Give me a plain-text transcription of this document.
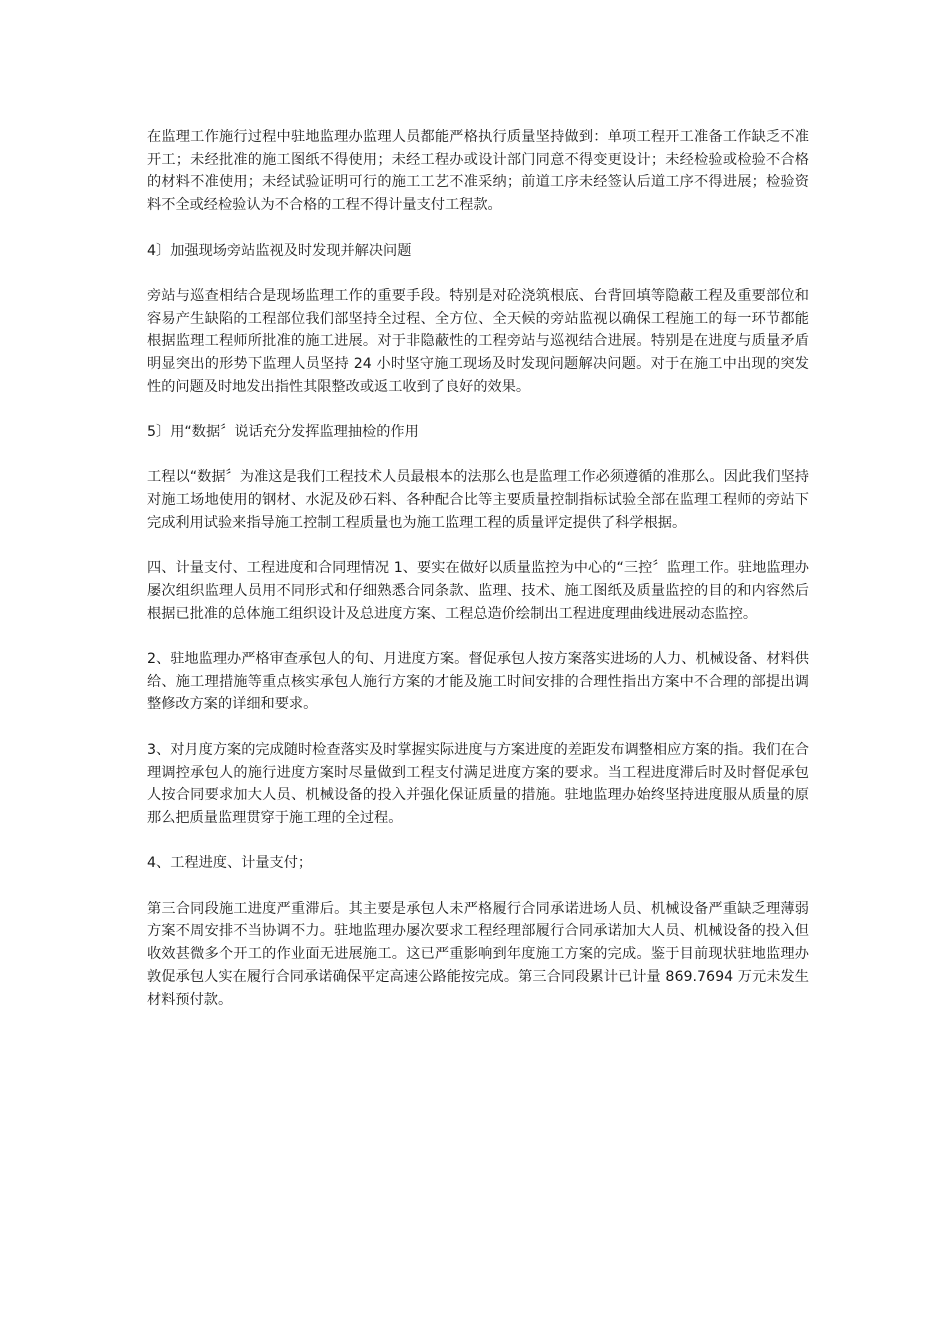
在监理工作施行过程中驻地监理办监理人员都能严格执行质量坚持做到：单项工程开工准备工作缺乏不准开工；未经批准的施工图纸不得使用；未经工程办或设计部门同意不得变更设计；未经检验或检验不合格的材料不准使用；未经试验证明可行的施工工艺不准采纳；前道工序未经签认后道工序不得进展；检验资料不全或经检验认为不合格的工程不得计量支付工程款。

4〕加强现场旁站监视及时发现并解决问题

旁站与巡查相结合是现场监理工作的重要手段。特别是对砼浇筑根底、台背回填等隐蔽工程及重要部位和容易产生缺陷的工程部位我们部坚持全过程、全方位、全天候的旁站监视以确保工程施工的每一环节都能根据监理工程师所批准的施工进展。对于非隐蔽性的工程旁站与巡视结合进展。特别是在进度与质量矛盾明显突出的形势下监理人员坚持 24 小时坚守施工现场及时发现问题解决问题。对于在施工中出现的突发性的问题及时地发出指性其限整改或返工收到了良好的效果。

5〕用“数据〞说话充分发挥监理抽检的作用

工程以“数据〞为准这是我们工程技术人员最根本的法那么也是监理工作必须遵循的准那么。因此我们坚持对施工场地使用的钢材、水泥及砂石料、各种配合比等主要质量控制指标试验全部在监理工程师的旁站下完成利用试验来指导施工控制工程质量也为施工监理工程的质量评定提供了科学根据。

四、计量支付、工程进度和合同理情况 1、要实在做好以质量监控为中心的“三控〞监理工作。驻地监理办屡次组织监理人员用不同形式和仔细熟悉合同条款、监理、技术、施工图纸及质量监控的目的和内容然后根据已批准的总体施工组织设计及总进度方案、工程总造价绘制出工程进度理曲线进展动态监控。

2、驻地监理办严格审查承包人的旬、月进度方案。督促承包人按方案落实进场的人力、机械设备、材料供给、施工理措施等重点核实承包人施行方案的才能及施工时间安排的合理性指出方案中不合理的部提出调整修改方案的详细和要求。

3、对月度方案的完成随时检查落实及时掌握实际进度与方案进度的差距发布调整相应方案的指。我们在合理调控承包人的施行进度方案时尽量做到工程支付满足进度方案的要求。当工程进度滞后时及时督促承包人按合同要求加大人员、机械设备的投入并强化保证质量的措施。驻地监理办始终坚持进度服从质量的原那么把质量监理贯穿于施工理的全过程。

4、工程进度、计量支付；

第三合同段施工进度严重滞后。其主要是承包人未严格履行合同承诺进场人员、机械设备严重缺乏理薄弱方案不周安排不当协调不力。驻地监理办屡次要求工程经理部履行合同承诺加大人员、机械设备的投入但收效甚微多个开工的作业面无进展施工。这已严重影响到年度施工方案的完成。鉴于目前现状驻地监理办敦促承包人实在履行合同承诺确保平定高速公路能按完成。第三合同段累计已计量 869.7694 万元未发生材料预付款。
